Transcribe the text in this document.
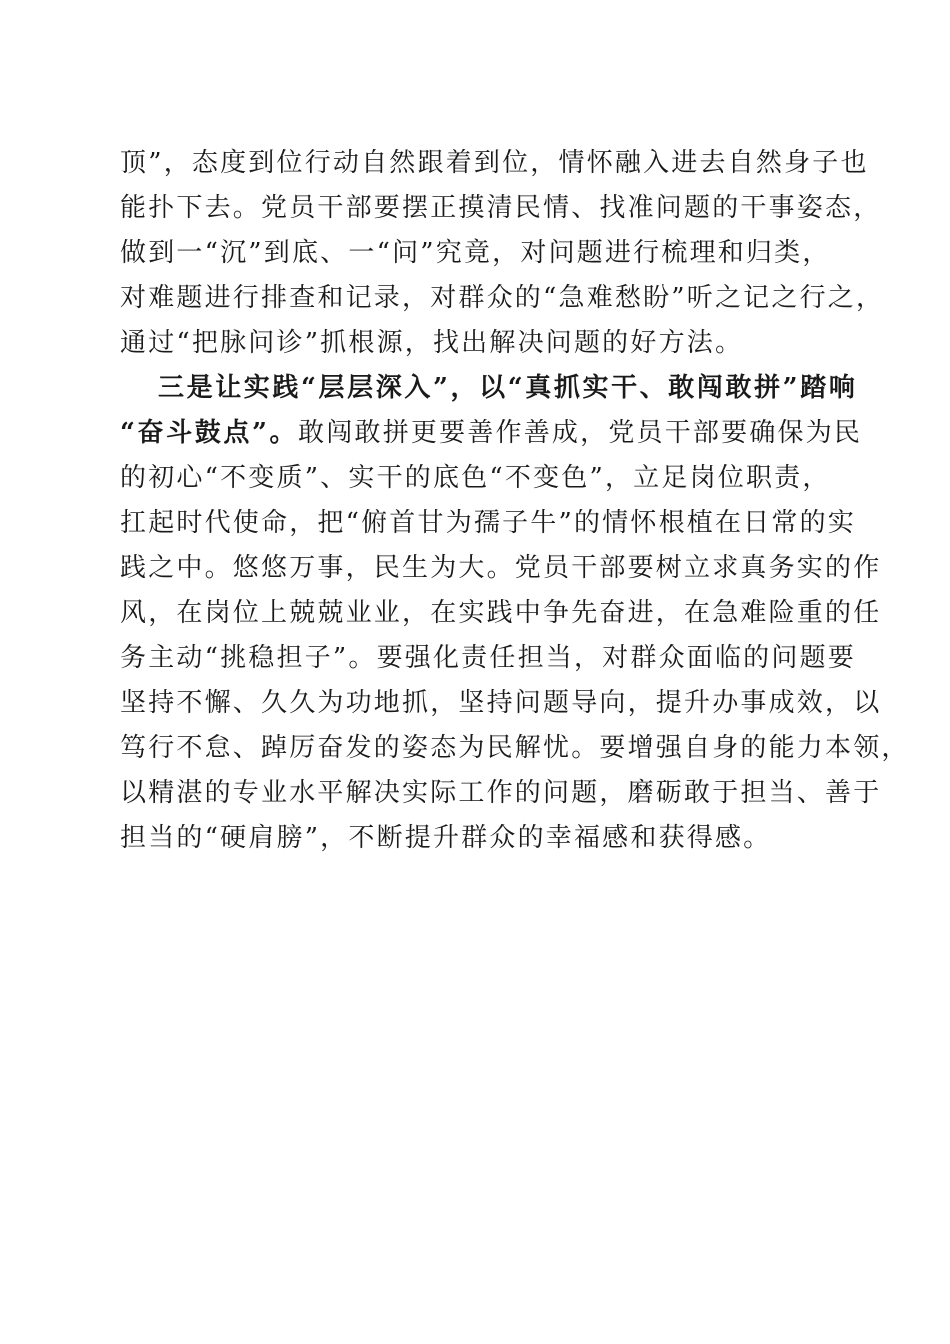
顶”，态度到位行动自然跟着到位，情怀融入进去自然身子也
能扑下去。党员干部要摆正摸清民情、找准问题的干事姿态，
做到一“沉”到底、一“问”究竟，对问题进行梳理和归类，
对难题进行排查和记录，对群众的“急难愁盼”听之记之行之，
通过“把脉问诊”抓根源，找出解决问题的好方法。
三是让实践“层层深入”，以“真抓实干、敢闯敢拼”踏响
“奋斗鼓点”。敢闯敢拼更要善作善成，党员干部要确保为民
的初心“不变质”、实干的底色“不变色”，立足岗位职责，
扛起时代使命，把“俯首甘为孺子牛”的情怀根植在日常的实
践之中。悠悠万事，民生为大。党员干部要树立求真务实的作
风，在岗位上兢兢业业，在实践中争先奋进，在急难险重的任
务主动“挑稳担子”。要强化责任担当，对群众面临的问题要
坚持不懈、久久为功地抓，坚持问题导向，提升办事成效，以
笃行不怠、踔厉奋发的姿态为民解忧。要增强自身的能力本领，
以精湛的专业水平解决实际工作的问题，磨砺敢于担当、善于
担当的“硬肩膀”，不断提升群众的幸福感和获得感。
